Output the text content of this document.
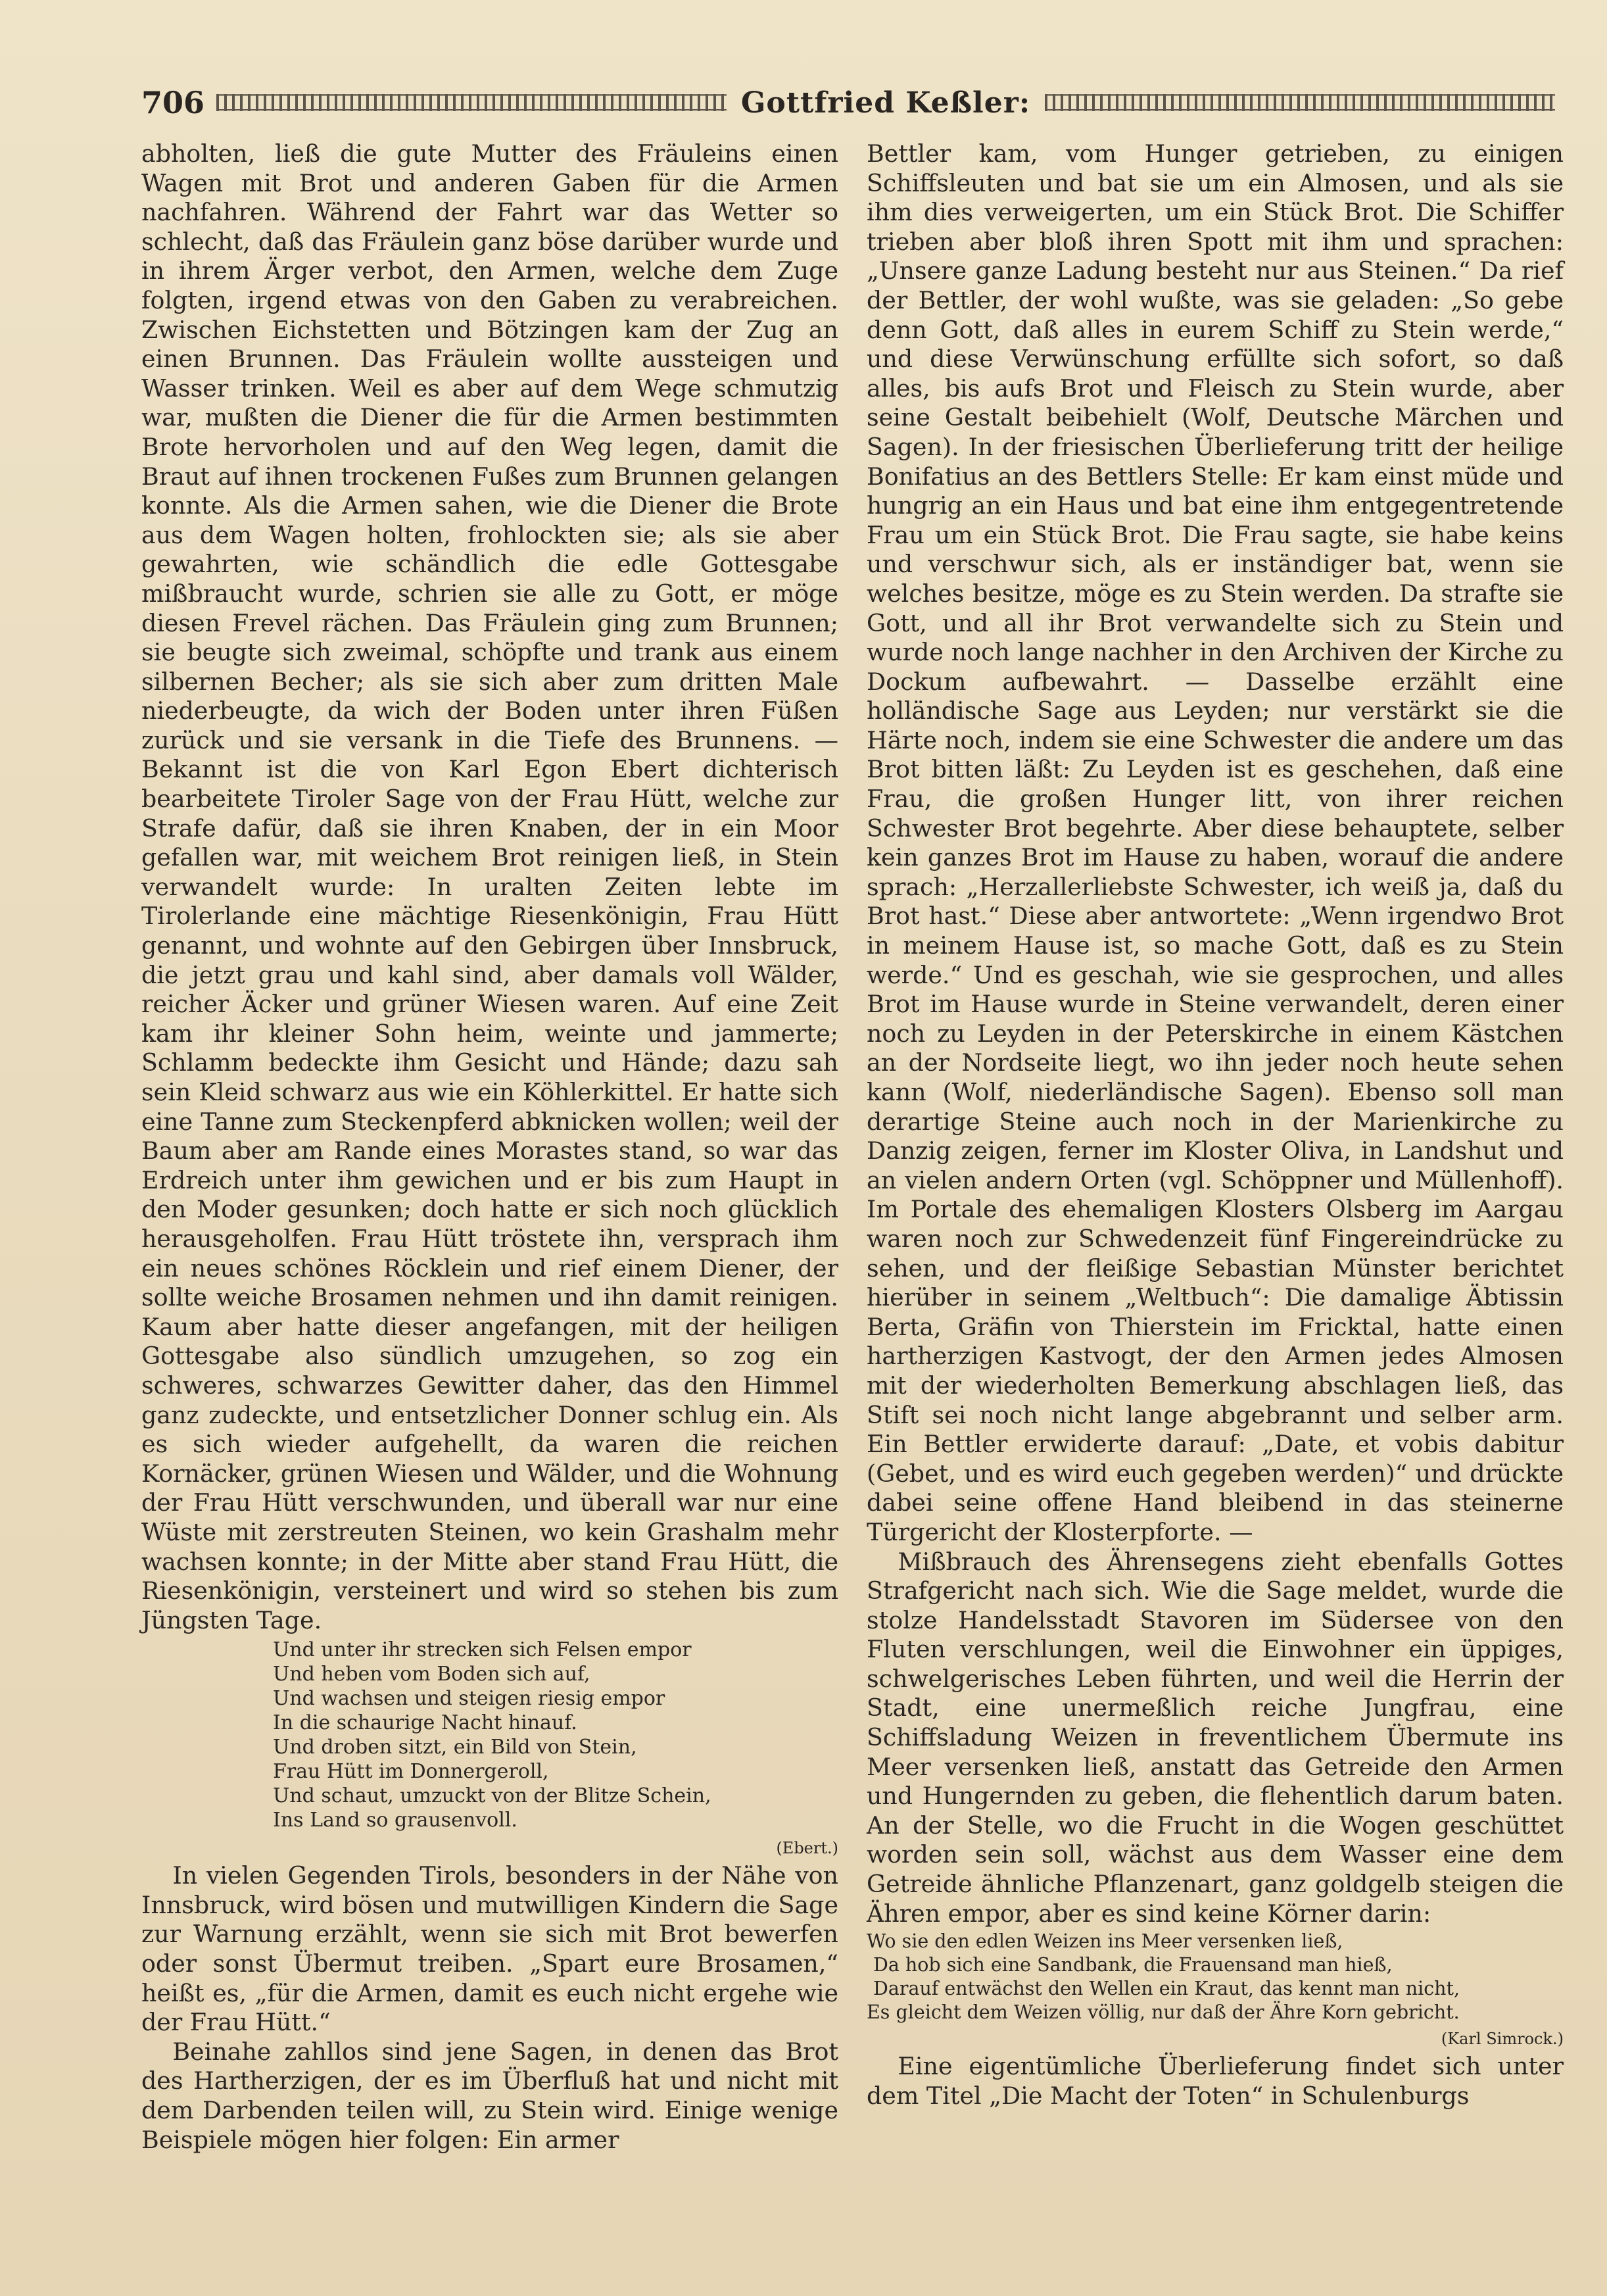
706	Gottfried Keßler:

abholten, ließ die gute Mutter des Fräuleins einen Wagen mit Brot und anderen Gaben für die Armen nachfahren. Während der Fahrt war das Wetter so schlecht, daß das Fräulein ganz böse darüber wurde und in ihrem Ärger verbot, den Armen, welche dem Zuge folgten, irgend etwas von den Gaben zu verabreichen. Zwischen Eichstetten und Bötzingen kam der Zug an einen Brunnen. Das Fräulein wollte aussteigen und Wasser trinken. Weil es aber auf dem Wege schmutzig war, mußten die Diener die für die Armen bestimmten Brote hervorholen und auf den Weg legen, damit die Braut auf ihnen trockenen Fußes zum Brunnen gelangen konnte. Als die Armen sahen, wie die Diener die Brote aus dem Wagen holten, frohlockten sie; als sie aber gewahrten, wie schändlich die edle Gottesgabe mißbraucht wurde, schrien sie alle zu Gott, er möge diesen Frevel rächen. Das Fräulein ging zum Brunnen; sie beugte sich zweimal, schöpfte und trank aus einem silbernen Becher; als sie sich aber zum dritten Male niederbeugte, da wich der Boden unter ihren Füßen zurück und sie versank in die Tiefe des Brunnens. — Bekannt ist die von Karl Egon Ebert dichterisch bearbeitete Tiroler Sage von der Frau Hütt, welche zur Strafe dafür, daß sie ihren Knaben, der in ein Moor gefallen war, mit weichem Brot reinigen ließ, in Stein verwandelt wurde: In uralten Zeiten lebte im Tirolerlande eine mächtige Riesenkönigin, Frau Hütt genannt, und wohnte auf den Gebirgen über Innsbruck, die jetzt grau und kahl sind, aber damals voll Wälder, reicher Äcker und grüner Wiesen waren. Auf eine Zeit kam ihr kleiner Sohn heim, weinte und jammerte; Schlamm bedeckte ihm Gesicht und Hände; dazu sah sein Kleid schwarz aus wie ein Köhlerkittel. Er hatte sich eine Tanne zum Steckenpferd abknicken wollen; weil der Baum aber am Rande eines Morastes stand, so war das Erdreich unter ihm gewichen und er bis zum Haupt in den Moder gesunken; doch hatte er sich noch glücklich herausgeholfen. Frau Hütt tröstete ihn, versprach ihm ein neues schönes Röcklein und rief einem Diener, der sollte weiche Brosamen nehmen und ihn damit reinigen. Kaum aber hatte dieser angefangen, mit der heiligen Gottesgabe also sündlich umzugehen, so zog ein schweres, schwarzes Gewitter daher, das den Himmel ganz zudeckte, und entsetzlicher Donner schlug ein. Als es sich wieder aufgehellt, da waren die reichen Kornäcker, grünen Wiesen und Wälder, und die Wohnung der Frau Hütt verschwunden, und überall war nur eine Wüste mit zerstreuten Steinen, wo kein Grashalm mehr wachsen konnte; in der Mitte aber stand Frau Hütt, die Riesenkönigin, versteinert und wird so stehen bis zum Jüngsten Tage.

Und unter ihr strecken sich Felsen empor
Und heben vom Boden sich auf,
Und wachsen und steigen riesig empor
In die schaurige Nacht hinauf.
Und droben sitzt, ein Bild von Stein,
Frau Hütt im Donnergeroll,
Und schaut, umzuckt von der Blitze Schein,
Ins Land so grausenvoll.
(Ebert.)

In vielen Gegenden Tirols, besonders in der Nähe von Innsbruck, wird bösen und mutwilligen Kindern die Sage zur Warnung erzählt, wenn sie sich mit Brot bewerfen oder sonst Übermut treiben. „Spart eure Brosamen,“ heißt es, „für die Armen, damit es euch nicht ergehe wie der Frau Hütt.“

Beinahe zahllos sind jene Sagen, in denen das Brot des Hartherzigen, der es im Überfluß hat und nicht mit dem Darbenden teilen will, zu Stein wird. Einige wenige Beispiele mögen hier folgen: Ein armer

Bettler kam, vom Hunger getrieben, zu einigen Schiffsleuten und bat sie um ein Almosen, und als sie ihm dies verweigerten, um ein Stück Brot. Die Schiffer trieben aber bloß ihren Spott mit ihm und sprachen: „Unsere ganze Ladung besteht nur aus Steinen.“ Da rief der Bettler, der wohl wußte, was sie geladen: „So gebe denn Gott, daß alles in eurem Schiff zu Stein werde,“ und diese Verwünschung erfüllte sich sofort, so daß alles, bis aufs Brot und Fleisch zu Stein wurde, aber seine Gestalt beibehielt (Wolf, Deutsche Märchen und Sagen). In der friesischen Überlieferung tritt der heilige Bonifatius an des Bettlers Stelle: Er kam einst müde und hungrig an ein Haus und bat eine ihm entgegentretende Frau um ein Stück Brot. Die Frau sagte, sie habe keins und verschwur sich, als er inständiger bat, wenn sie welches besitze, möge es zu Stein werden. Da strafte sie Gott, und all ihr Brot verwandelte sich zu Stein und wurde noch lange nachher in den Archiven der Kirche zu Dockum aufbewahrt. — Dasselbe erzählt eine holländische Sage aus Leyden; nur verstärkt sie die Härte noch, indem sie eine Schwester die andere um das Brot bitten läßt: Zu Leyden ist es geschehen, daß eine Frau, die großen Hunger litt, von ihrer reichen Schwester Brot begehrte. Aber diese behauptete, selber kein ganzes Brot im Hause zu haben, worauf die andere sprach: „Herzallerliebste Schwester, ich weiß ja, daß du Brot hast.“ Diese aber antwortete: „Wenn irgendwo Brot in meinem Hause ist, so mache Gott, daß es zu Stein werde.“ Und es geschah, wie sie gesprochen, und alles Brot im Hause wurde in Steine verwandelt, deren einer noch zu Leyden in der Peterskirche in einem Kästchen an der Nordseite liegt, wo ihn jeder noch heute sehen kann (Wolf, niederländische Sagen). Ebenso soll man derartige Steine auch noch in der Marienkirche zu Danzig zeigen, ferner im Kloster Oliva, in Landshut und an vielen andern Orten (vgl. Schöppner und Müllenhoff). Im Portale des ehemaligen Klosters Olsberg im Aargau waren noch zur Schwedenzeit fünf Fingereindrücke zu sehen, und der fleißige Sebastian Münster berichtet hierüber in seinem „Weltbuch“: Die damalige Äbtissin Berta, Gräfin von Thierstein im Fricktal, hatte einen hartherzigen Kastvogt, der den Armen jedes Almosen mit der wiederholten Bemerkung abschlagen ließ, das Stift sei noch nicht lange abgebrannt und selber arm. Ein Bettler erwiderte darauf: „Date, et vobis dabitur (Gebet, und es wird euch gegeben werden)“ und drückte dabei seine offene Hand bleibend in das steinerne Türgericht der Klosterpforte. —

Mißbrauch des Ährensegens zieht ebenfalls Gottes Strafgericht nach sich. Wie die Sage meldet, wurde die stolze Handelsstadt Stavoren im Südersee von den Fluten verschlungen, weil die Einwohner ein üppiges, schwelgerisches Leben führten, und weil die Herrin der Stadt, eine unermeßlich reiche Jungfrau, eine Schiffsladung Weizen in freventlichem Übermute ins Meer versenken ließ, anstatt das Getreide den Armen und Hungernden zu geben, die flehentlich darum baten. An der Stelle, wo die Frucht in die Wogen geschüttet worden sein soll, wächst aus dem Wasser eine dem Getreide ähnliche Pflanzenart, ganz goldgelb steigen die Ähren empor, aber es sind keine Körner darin:

Wo sie den edlen Weizen ins Meer versenken ließ,
Da hob sich eine Sandbank, die Frauensand man hieß,
Darauf entwächst den Wellen ein Kraut, das kennt man nicht,
Es gleicht dem Weizen völlig, nur daß der Ähre Korn gebricht.
(Karl Simrock.)

Eine eigentümliche Überlieferung findet sich unter dem Titel „Die Macht der Toten“ in Schulenburgs
